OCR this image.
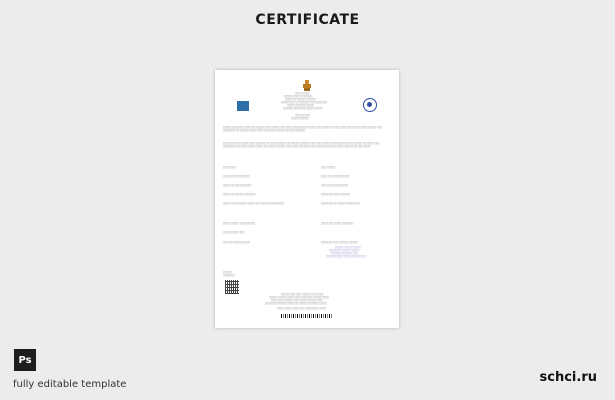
CERTIFICATE
░░░ ░░░░░
░░░░░░░░░ ░░ ░░░░░
░░░░ ░░ ░░░░░ ░░░░░░
░░░░░░░░ ░░ ░░░░░░ ░░░░░░░░░░
░░░░ ░░░░░░░ ░░░░
░░░░░░ ░░░░░░░ ░░░░ ░░░░░
░░░ ░░ ░░░
░░░░ ░░░░░░
░░░░░ ░░░░░░░ ░░░░ ░░ ░░░░░ ░░░ ░░░░░ ░░░ ░░░░ ░░░░░░░░ ░░░░░ ░░ ░░░░░ ░░ ░░░░ ░░░ ░░░░░ ░░ ░░░░ ░░░░░ ░░░ ░░░░░░░ ░░ ░░░░░ ░░░░░ ░░░ ░░░░░░░ ░░░░░ ░░ ░░░ ░░░░░░
░░ ░░░░ ░░░░ ░░░░ ░░░ ░░░░░░ ░░ ░░░░ ░░░░░ ░░ ░░░░░ ░░░░░░ ░░░ ░░░ ░░░░ ░░░░░░░ ░░░░ ░░ ░░░░░ ░░ ░░░░ ░░░ ░░░░░░░ ░░░ ░░░ ░░░░░ ░░░░ ░░ ░░░░░ ░░░░░ ░░░ ░░░░ ░░ ░░░░ ░░░ ░░░░░ ░░░ ░░░ ░░░░ ░░░░░ ░░ ░░░ ░░░░
░░░ ░░░░	░░░ ░░░░░
░░░░ ░░░ ░░░░░░░░	░░░ ░░░ ░░░░░░░░░░
░░░░ ░░ ░░░░░░░░░░	░░░ ░░ ░░░░░░░░░░
░░░░ ░░ ░░░░░ ░░░░░░░	░░░░ ░░ ░░░░ ░░░░░░
░░░░ ░░ ░░ ░░░░░ ░░░░ ░░░ ░░░░░ ░░░░░░░░	░░░░ ░░ ░░ ░░░░░ ░░░░░ ░░░
░░░░ ░░░░░ ░░░░░░░░░	░░░░ ░░░ ░░░░ ░░░░░░░
░░░░ ░░░░░ ░░░
░░░ ░░ ░░░░░░░░░░	░░░░ ░░ ░░░░ ░░░░░ ░░░░░
░░░░░ ░░░ ░░ ░░░░
░░░░░░░ ░░░░░ ░░░░░
░░░░░░ ░░░░░░ ░░░
░░░░░░░░░░ ░░░░ ░░░░░░░░░
░░░░░
░░░░░░░
░░░░░ ░░░ ░░░ ░░░░░ ░░ ░░░░░
░░░░░ ░░░░░ ░░░░ ░░░ ░░░░░░░ ░░░░░ ░░░░
░░░ ░░░░ ░░░░░ ░░░ ░░░░ ░░░░░░ ░░░
░░░░░░░ ░░░░░ ░░░░░ ░░ ░░░░ ░░░░░░░ ░░░░
░░░░ ░░░░ ░░░░ ░░░ ░░░░░░░░ ░░░░
Ps
fully editable template	schci.ru
